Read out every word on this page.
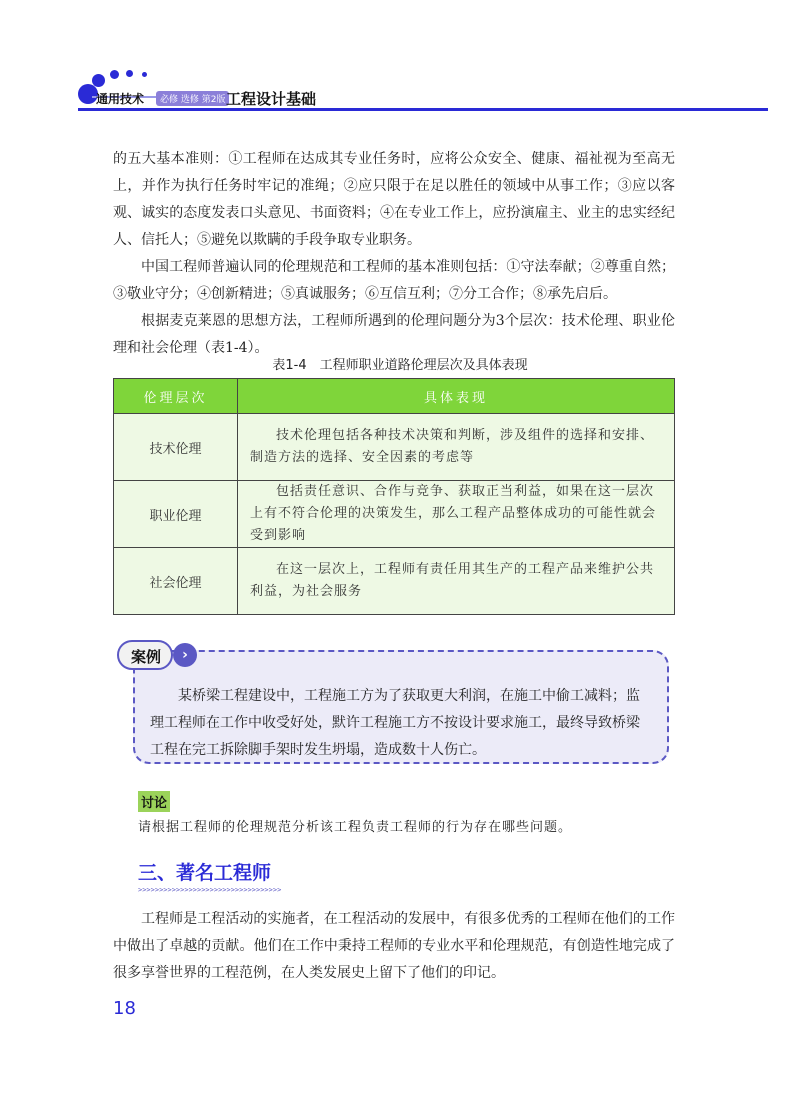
通用技术	必修 选修 第2版 工程设计基础

的五大基本准则：①工程师在达成其专业任务时，应将公众安全、健康、福祉视为至高无上，并作为执行任务时牢记的准绳；②应只限于在足以胜任的领域中从事工作；③应以客观、诚实的态度发表口头意见、书面资料；④在专业工作上，应扮演雇主、业主的忠实经纪人、信托人；⑤避免以欺瞒的手段争取专业职务。

中国工程师普遍认同的伦理规范和工程师的基本准则包括：①守法奉献；②尊重自然；③敬业守分；④创新精进；⑤真诚服务；⑥互信互利；⑦分工合作；⑧承先启后。

根据麦克莱恩的思想方法，工程师所遇到的伦理问题分为3个层次：技术伦理、职业伦理和社会伦理（表1-4）。

表1-4　工程师职业道路伦理层次及具体表现
伦理层次	具体表现
技术伦理	技术伦理包括各种技术决策和判断，涉及组件的选择和安排、制造方法的选择、安全因素的考虑等
职业伦理	包括责任意识、合作与竞争、获取正当利益，如果在这一层次上有不符合伦理的决策发生，那么工程产品整体成功的可能性就会受到影响
社会伦理	在这一层次上，工程师有责任用其生产的工程产品来维护公共利益，为社会服务
案例	›

某桥梁工程建设中，工程施工方为了获取更大利润，在施工中偷工减料；监理工程师在工作中收受好处，默许工程施工方不按设计要求施工，最终导致桥梁工程在完工拆除脚手架时发生坍塌，造成数十人伤亡。

讨论

请根据工程师的伦理规范分析该工程负责工程师的行为存在哪些问题。

三、著名工程师
>>>>>>>>>>>>>>>>>>>>>>>>>>>>>>>>>>

工程师是工程活动的实施者，在工程活动的发展中，有很多优秀的工程师在他们的工作中做出了卓越的贡献。他们在工作中秉持工程师的专业水平和伦理规范，有创造性地完成了很多享誉世界的工程范例，在人类发展史上留下了他们的印记。

18
